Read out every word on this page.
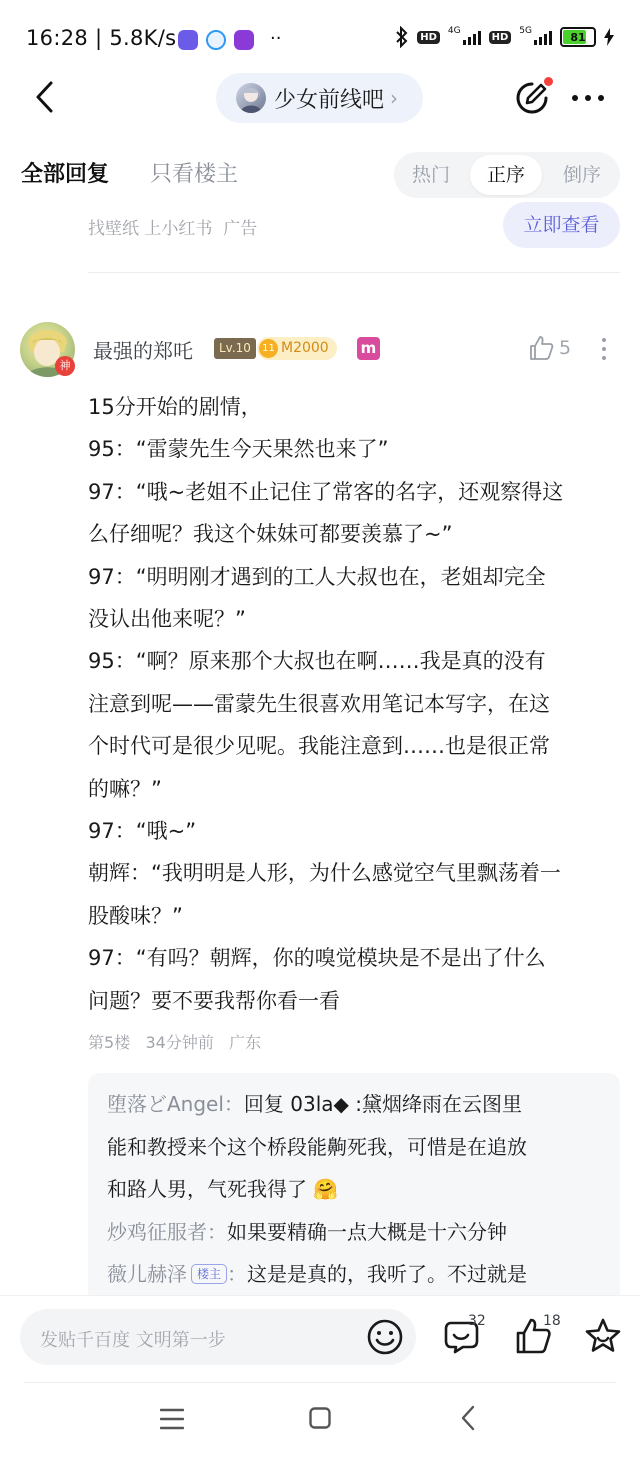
16:28 | 5.8K/s	··	HD
4G
HD
5G	81
少女前线吧 ›
全部回复 只看楼主	热门	正序	倒序
找壁纸 上小红书 广告	立即查看
神
最强的郑吒	Lv.10	M2000
11	m	5
15分开始的剧情，
95：“雷蒙先生今天果然也来了”
97：“哦~老姐不止记住了常客的名字，还观察得这
么仔细呢？我这个妹妹可都要羡慕了~”
97：“明明刚才遇到的工人大叔也在，老姐却完全
没认出他来呢？”
95：“啊？原来那个大叔也在啊……我是真的没有
注意到呢——雷蒙先生很喜欢用笔记本写字，在这
个时代可是很少见呢。我能注意到……也是很正常
的嘛？”
97：“哦~”
朝辉：“我明明是人形，为什么感觉空气里飘荡着一
股酸味？”
97：“有吗？朝辉，你的嗅觉模块是不是出了什么
问题？要不要我帮你看一看
第5楼 34分钟前 广东
堕落どAngel：回复 03la◆ :黛烟绛雨在云图里
能和教授来个这个桥段能齁死我，可惜是在追放
和路人男，气死我得了 🤗
炒鸡征服者：如果要精确一点大概是十六分钟
薇儿赫泽 楼主 ：这是是真的，我听了。不过就是
发贴千百度 文明第一步
32	18
